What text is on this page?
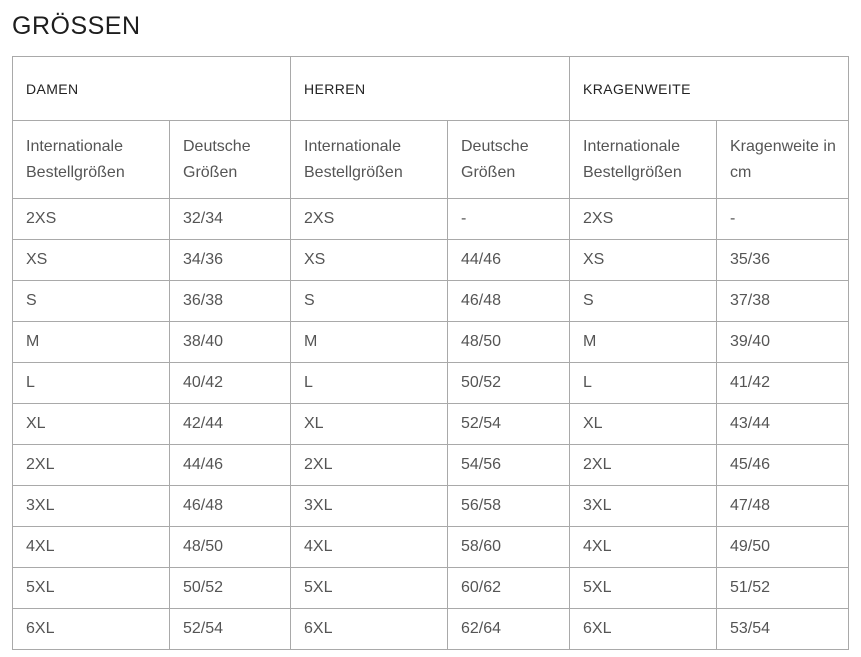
GRÖSSEN
DAMEN		HERREN		KRAGENWEITE	
Internationale Bestellgrößen	Deutsche Größen	Internationale Bestellgrößen	Deutsche Größen	Internationale Bestellgrößen	Kragenweite in cm
2XS	32/34	2XS	-	2XS	-
XS	34/36	XS	44/46	XS	35/36
S	36/38	S	46/48	S	37/38
M	38/40	M	48/50	M	39/40
L	40/42	L	50/52	L	41/42
XL	42/44	XL	52/54	XL	43/44
2XL	44/46	2XL	54/56	2XL	45/46
3XL	46/48	3XL	56/58	3XL	47/48
4XL	48/50	4XL	58/60	4XL	49/50
5XL	50/52	5XL	60/62	5XL	51/52
6XL	52/54	6XL	62/64	6XL	53/54
